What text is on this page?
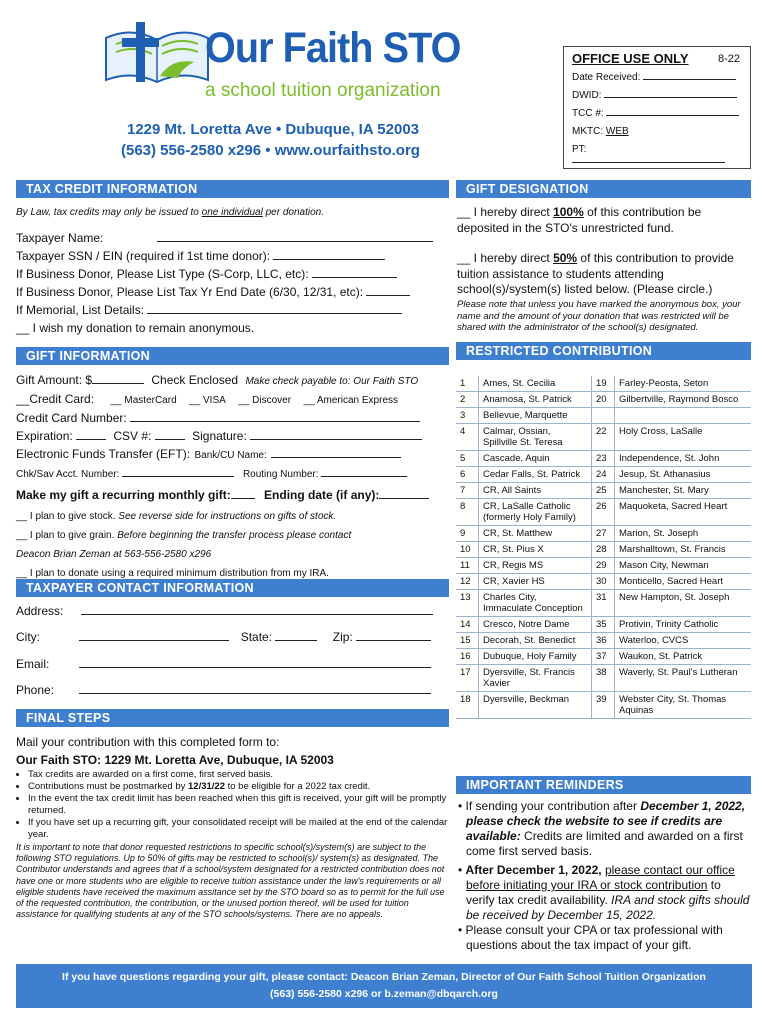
Our Faith STO
a school tuition organization
1229 Mt. Loretta Ave • Dubuque, IA 52003
(563) 556-2580 x296 • www.ourfaithsto.org
OFFICE USE ONLY	8-22
Date Received:
DWID:
TCC #:
MKTC: WEB
PT:
TAX CREDIT INFORMATION
By Law, tax credits may only be issued to one individual per donation.
Taxpayer Name:
Taxpayer SSN / EIN (required if 1st time donor):
If Business Donor, Please List Type (S-Corp, LLC, etc):
If Business Donor, Please List Tax Yr End Date (6/30, 12/31, etc):
If Memorial, List Details:
__ I wish my donation to remain anonymous.
GIFT INFORMATION
Gift Amount: $	Check Enclosed Make check payable to: Our Faith STO
__Credit Card: __ MasterCard __ VISA __ Discover __ American Express
Credit Card Number:
Expiration:	CSV #:	Signature:
Electronic Funds Transfer (EFT): Bank/CU Name:
Chk/Sav Acct. Number:	Routing Number:
Make my gift a recurring monthly gift:	Ending date (if any):
__ I plan to give stock. See reverse side for instructions on gifts of stock.
__ I plan to give grain. Before beginning the transfer process please contact
Deacon Brian Zeman at 563-556-2580 x296
__ I plan to donate using a required minimum distribution from my IRA.
TAXPAYER CONTACT INFORMATION
Address:
City:	State:	Zip:
Email:
Phone:
FINAL STEPS
Mail your contribution with this completed form to:
Our Faith STO: 1229 Mt. Loretta Ave, Dubuque, IA 52003
• Tax credits are awarded on a first come, first served basis.
• Contributions must be postmarked by 12/31/22 to be eligible for a 2022 tax credit.
• In the event the tax credit limit has been reached when this gift is received, your gift will be promptly returned.
• If you have set up a recurring gift, your consolidated receipt will be mailed at the end of the calendar year.
It is important to note that donor requested restrictions to specific school(s)/system(s) are subject to the following STO regulations. Up to 50% of gifts may be restricted to school(s)/ system(s) as designated. The Contributor understands and agrees that if a school/system designated for a restricted contribution does not have one or more students who are eligible to receive tuition assistance under the law's requirements or all eligible students have received the maximum assitance set by the STO board so as to permit for the full use of the requested contribution, the contribution, or the unused portion thereof, will be used for tuition assistance for qualifying students at any of the STO schools/systems. There are no appeals.
GIFT DESIGNATION
__ I hereby direct 100% of this contribution be deposited in the STO's unrestricted fund.
__ I hereby direct 50% of this contribution to provide tuition assistance to students attending school(s)/system(s) listed below. (Please circle.)
Please note that unless you have marked the anonymous box, your name and the amount of your donation that was restricted will be shared with the administrator of the school(s) designated.
RESTRICTED CONTRIBUTION DESIGNATIONS
1	Ames, St. Cecilia	19	Farley-Peosta, Seton
2	Anamosa, St. Patrick	20	Gilbertville, Raymond Bosco
3	Bellevue, Marquette		
4	Calmar, Ossian, Spillville St. Teresa	22	Holy Cross, LaSalle
5	Cascade, Aquin	23	Independence, St. John
6	Cedar Falls, St. Patrick	24	Jesup, St. Athanasius
7	CR, All Saints	25	Manchester, St. Mary
8	CR, LaSalle Catholic (formerly Holy Family)	26	Maquoketa, Sacred Heart
9	CR, St. Matthew	27	Marion, St. Joseph
10	CR, St. Pius X	28	Marshalltown, St. Francis
11	CR, Regis MS	29	Mason City, Newman
12	CR, Xavier HS	30	Monticello, Sacred Heart
13	Charles City, Immaculate Conception	31	New Hampton, St. Joseph
14	Cresco, Notre Dame	35	Protivin, Trinity Catholic
15	Decorah, St. Benedict	36	Waterloo, CVCS
16	Dubuque, Holy Family	37	Waukon, St. Patrick
17	Dyersville, St. Francis Xavier	38	Waverly, St. Paul's Lutheran
18	Dyersville, Beckman	39	Webster City, St. Thomas Aquinas
IMPORTANT REMINDERS
• If sending your contribution after December 1, 2022, please check the website to see if credits are available: Credits are limited and awarded on a first come first served basis.
• After December 1, 2022, please contact our office before initiating your IRA or stock contribution to verify tax credit availability. IRA and stock gifts should be received by December 15, 2022.
• Please consult your CPA or tax professional with questions about the tax impact of your gift.
If you have questions regarding your gift, please contact: Deacon Brian Zeman, Director of Our Faith School Tuition Organization
(563) 556-2580 x296 or b.zeman@dbqarch.org
